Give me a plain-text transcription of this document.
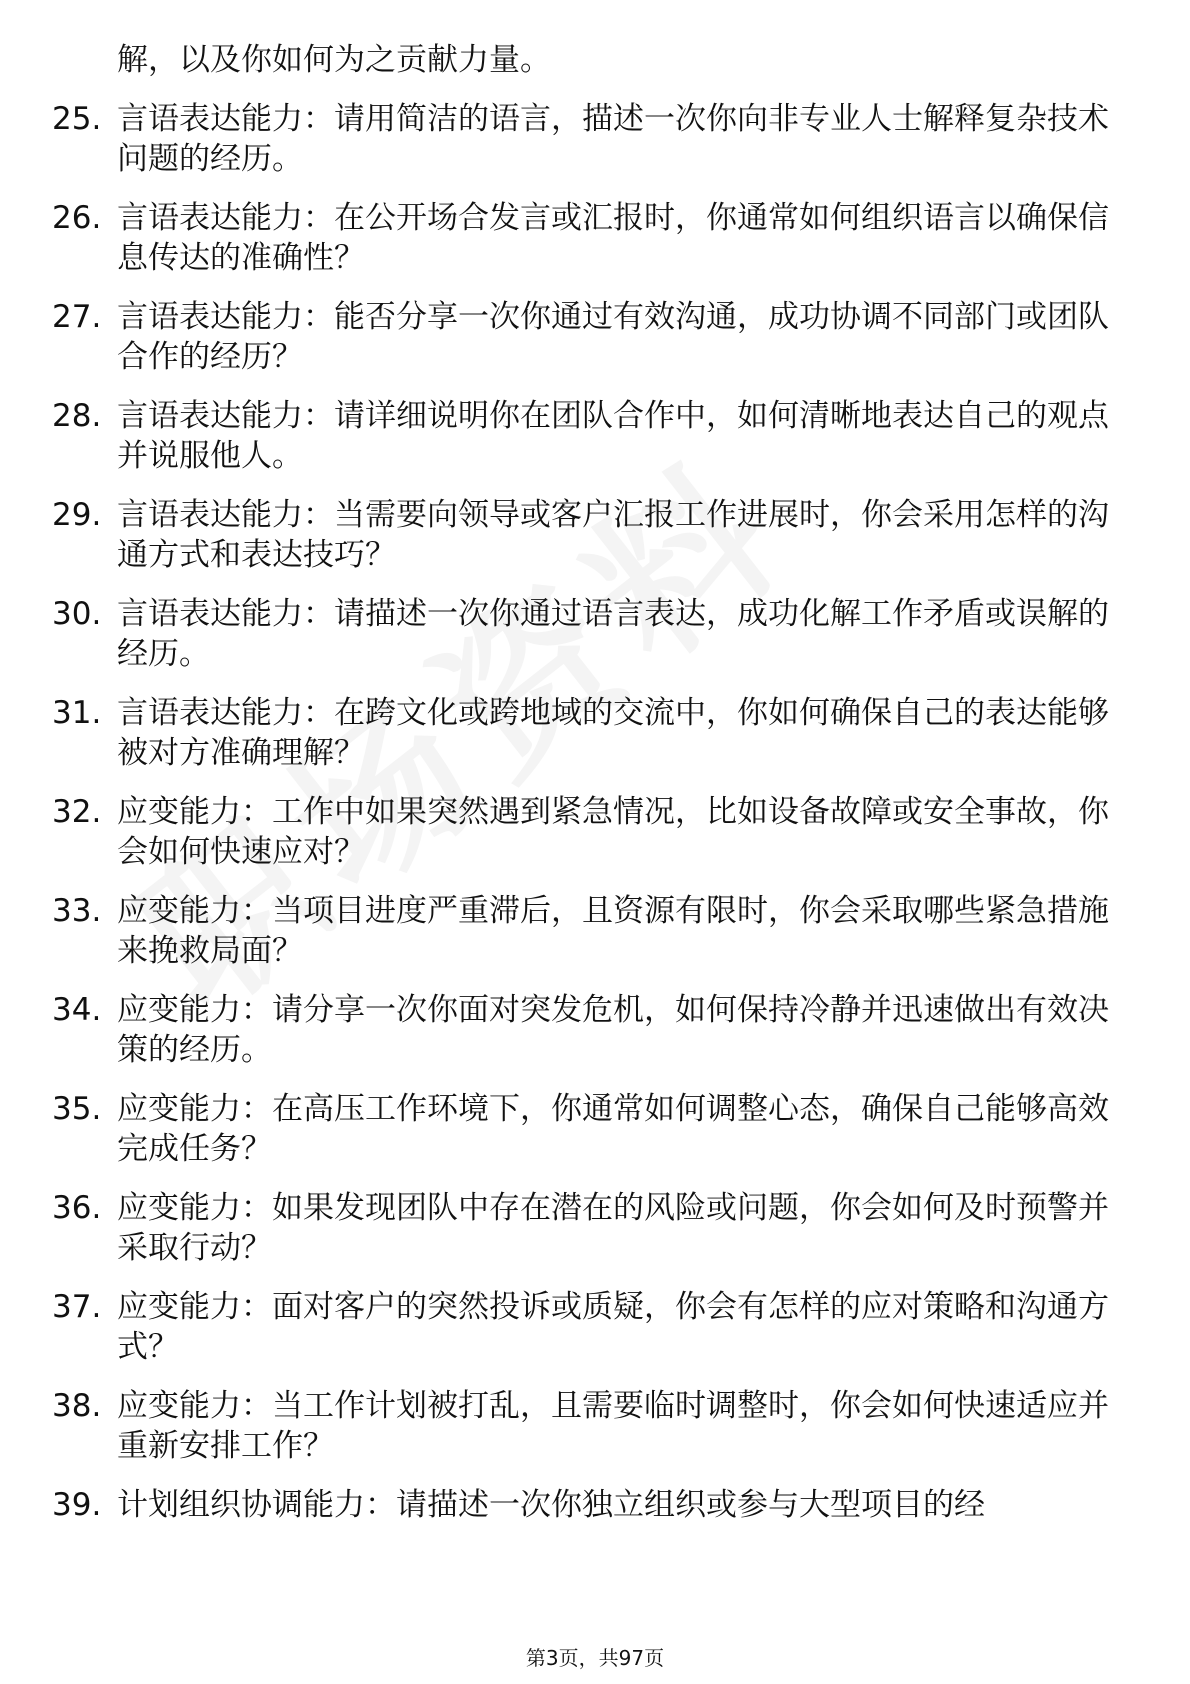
解，以及你如何为之贡献力量。
25. 言语表达能力：请用简洁的语言，描述一次你向非专业人士解释复杂技术问题的经历。
26. 言语表达能力：在公开场合发言或汇报时，你通常如何组织语言以确保信息传达的准确性？
27. 言语表达能力：能否分享一次你通过有效沟通，成功协调不同部门或团队合作的经历？
28. 言语表达能力：请详细说明你在团队合作中，如何清晰地表达自己的观点并说服他人。
29. 言语表达能力：当需要向领导或客户汇报工作进展时，你会采用怎样的沟通方式和表达技巧？
30. 言语表达能力：请描述一次你通过语言表达，成功化解工作矛盾或误解的经历。
31. 言语表达能力：在跨文化或跨地域的交流中，你如何确保自己的表达能够被对方准确理解？
32. 应变能力：工作中如果突然遇到紧急情况，比如设备故障或安全事故，你会如何快速应对？
33. 应变能力：当项目进度严重滞后，且资源有限时，你会采取哪些紧急措施来挽救局面？
34. 应变能力：请分享一次你面对突发危机，如何保持冷静并迅速做出有效决策的经历。
35. 应变能力：在高压工作环境下，你通常如何调整心态，确保自己能够高效完成任务？
36. 应变能力：如果发现团队中存在潜在的风险或问题，你会如何及时预警并采取行动？
37. 应变能力：面对客户的突然投诉或质疑，你会有怎样的应对策略和沟通方式？
38. 应变能力：当工作计划被打乱，且需要临时调整时，你会如何快速适应并重新安排工作？
39. 计划组织协调能力：请描述一次你独立组织或参与大型项目的经
第3页，共97页
